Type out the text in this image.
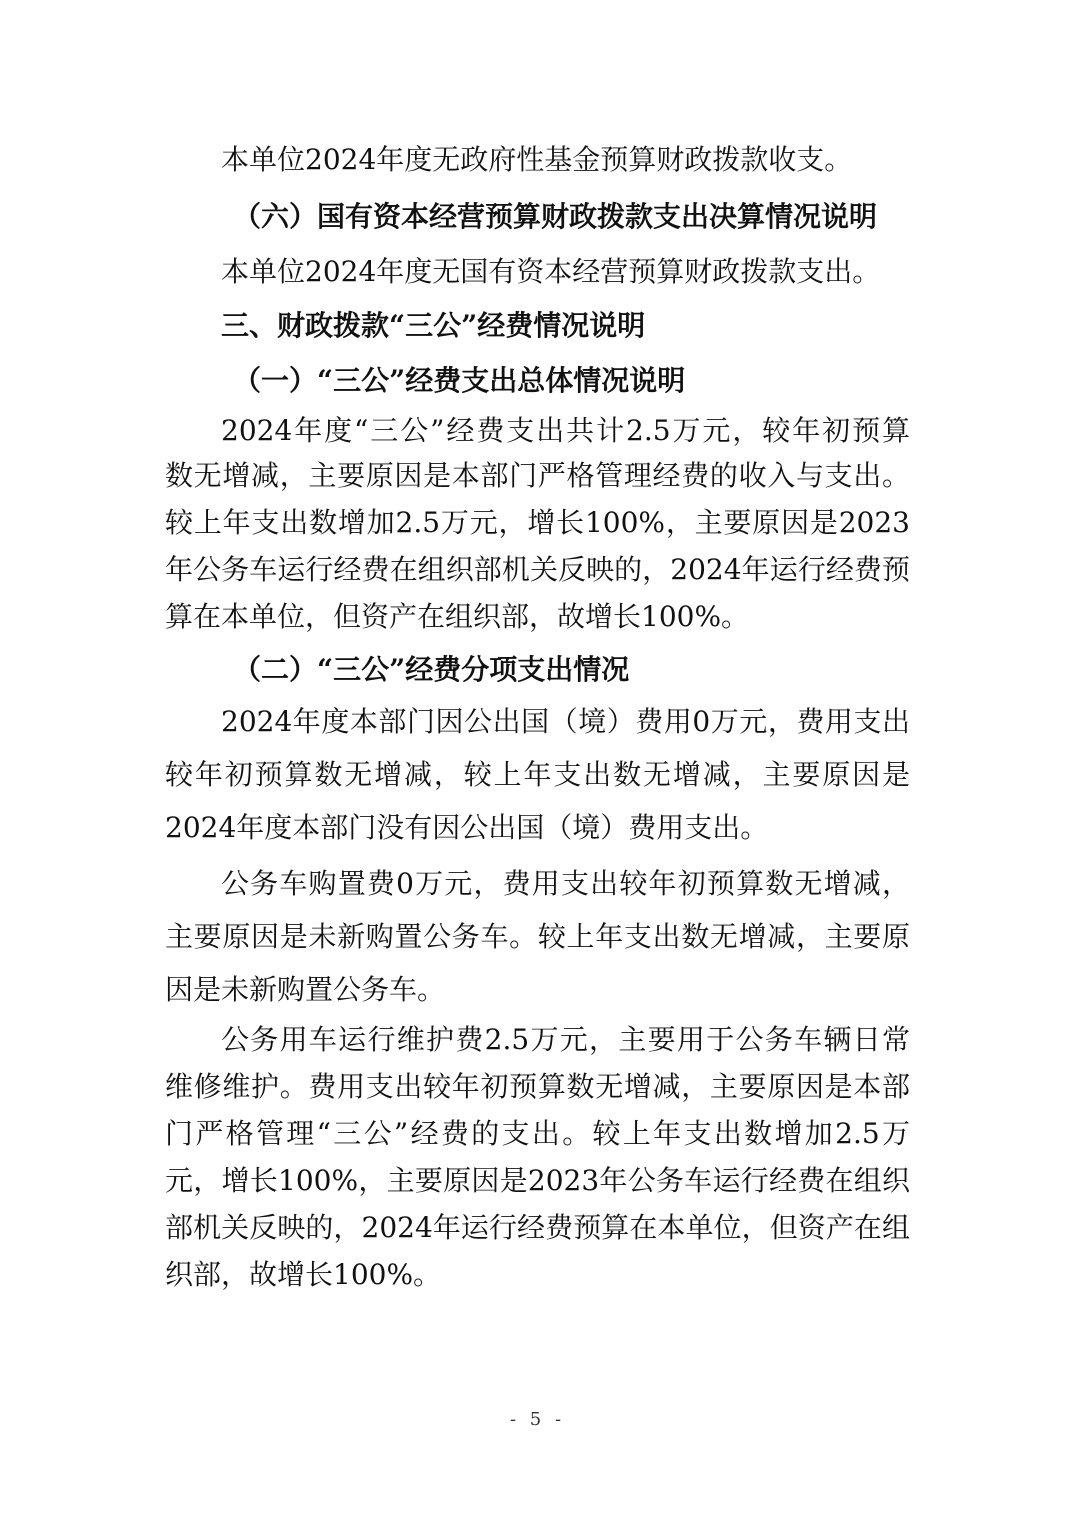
本单位2024年度无政府性基金预算财政拨款收支。
（六）国有资本经营预算财政拨款支出决算情况说明
本单位2024年度无国有资本经营预算财政拨款支出。
三、财政拨款“三公”经费情况说明
（一）“三公”经费支出总体情况说明
2024年度“三公”经费支出共计2.5万元，较年初预算
数无增减，主要原因是本部门严格管理经费的收入与支出。
较上年支出数增加2.5万元，增长100%，主要原因是2023
年公务车运行经费在组织部机关反映的，2024年运行经费预
算在本单位，但资产在组织部，故增长100%。
（二）“三公”经费分项支出情况
2024年度本部门因公出国（境）费用0万元，费用支出
较年初预算数无增减，较上年支出数无增减，主要原因是
2024年度本部门没有因公出国（境）费用支出。
公务车购置费0万元，费用支出较年初预算数无增减，
主要原因是未新购置公务车。较上年支出数无增减，主要原
因是未新购置公务车。
公务用车运行维护费2.5万元，主要用于公务车辆日常
维修维护。费用支出较年初预算数无增减，主要原因是本部
门严格管理“三公”经费的支出。较上年支出数增加2.5万
元，增长100%，主要原因是2023年公务车运行经费在组织
部机关反映的，2024年运行经费预算在本单位，但资产在组
织部，故增长100%。
- 5 -
